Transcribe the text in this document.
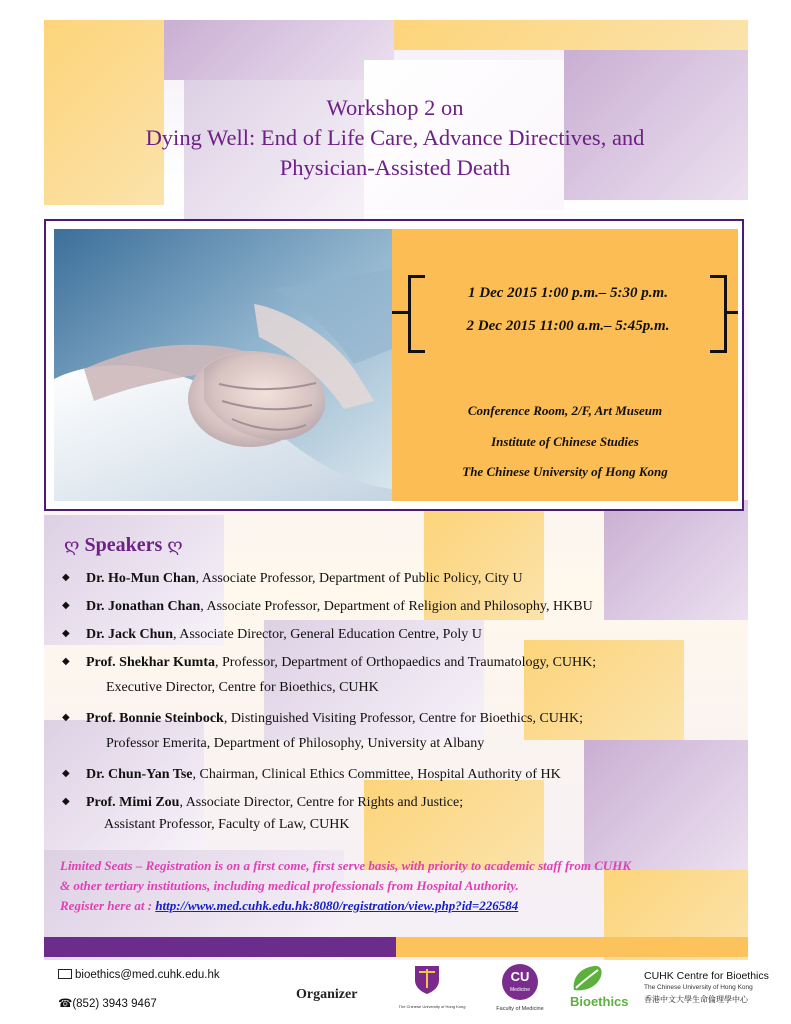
Workshop 2 on
Dying Well: End of Life Care, Advance Directives, and
Physician-Assisted Death
1 Dec 2015 1:00 p.m.– 5:30 p.m.
2 Dec 2015 11:00 a.m.– 5:45p.m.
Conference Room, 2/F, Art Museum
Institute of Chinese Studies
The Chinese University of Hong Kong
ღ Speakers ღ
◆ Dr. Ho-Mun Chan, Associate Professor, Department of Public Policy, City U
◆ Dr. Jonathan Chan, Associate Professor, Department of Religion and Philosophy, HKBU
◆ Dr. Jack Chun, Associate Director, General Education Centre, Poly U
◆ Prof. Shekhar Kumta, Professor, Department of Orthopaedics and Traumatology, CUHK;
Executive Director, Centre for Bioethics, CUHK
◆ Prof. Bonnie Steinbock, Distinguished Visiting Professor, Centre for Bioethics, CUHK;
Professor Emerita, Department of Philosophy, University at Albany
◆ Dr. Chun-Yan Tse, Chairman, Clinical Ethics Committee, Hospital Authority of HK
◆ Prof. Mimi Zou, Associate Director, Centre for Rights and Justice;
Assistant Professor, Faculty of Law, CUHK
Limited Seats – Registration is on a first come, first serve basis, with priority to academic staff from CUHK
& other tertiary institutions, including medical professionals from Hospital Authority.
Register here at : http://www.med.cuhk.edu.hk:8080/registration/view.php?id=226584
bioethics@med.cuhk.edu.hk
☎(852) 3943 9467
Organizer
The Chinese University of Hong Kong
CU
Medicine
Faculty of Medicine	Bioethics
CUHK Centre for Bioethics
The Chinese University of Hong Kong
香港中文大學生命倫理學中心
